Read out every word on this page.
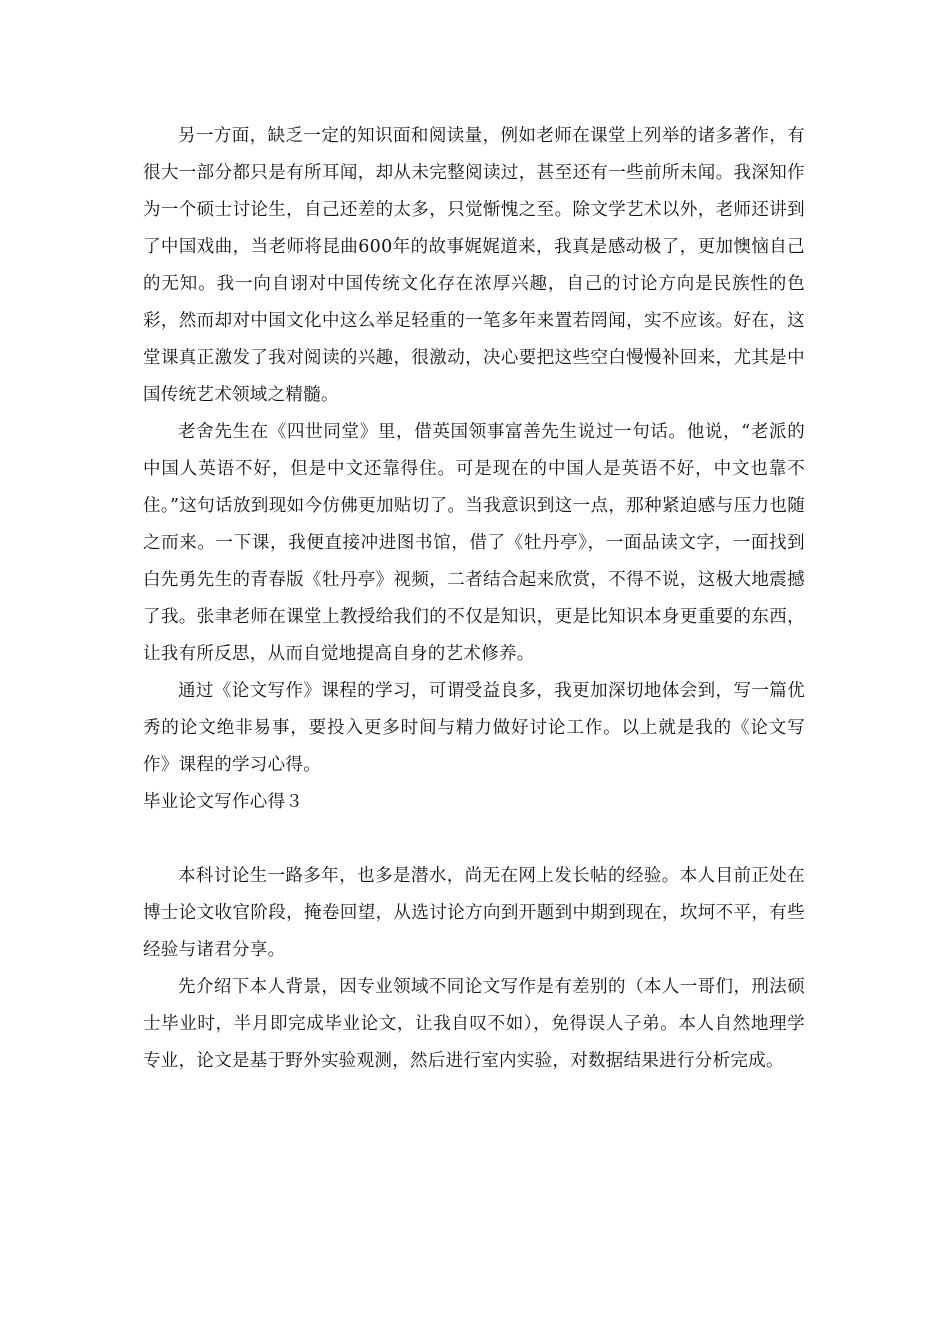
另一方面，缺乏一定的知识面和阅读量，例如老师在课堂上列举的诸多著作，有很大一部分都只是有所耳闻，却从未完整阅读过，甚至还有一些前所未闻。我深知作为一个硕士讨论生，自己还差的太多，只觉惭愧之至。除文学艺术以外，老师还讲到了中国戏曲，当老师将昆曲600年的故事娓娓道来，我真是感动极了，更加懊恼自己的无知。我一向自诩对中国传统文化存在浓厚兴趣，自己的讨论方向是民族性的色彩，然而却对中国文化中这么举足轻重的一笔多年来置若罔闻，实不应该。好在，这堂课真正激发了我对阅读的兴趣，很激动，决心要把这些空白慢慢补回来，尤其是中国传统艺术领域之精髓。

老舍先生在《四世同堂》里，借英国领事富善先生说过一句话。他说，“老派的中国人英语不好，但是中文还靠得住。可是现在的中国人是英语不好，中文也靠不住。”这句话放到现如今仿佛更加贴切了。当我意识到这一点，那种紧迫感与压力也随之而来。一下课，我便直接冲进图书馆，借了《牡丹亭》，一面品读文字，一面找到白先勇先生的青春版《牡丹亭》视频，二者结合起来欣赏，不得不说，这极大地震撼了我。张聿老师在课堂上教授给我们的不仅是知识，更是比知识本身更重要的东西，让我有所反思，从而自觉地提高自身的艺术修养。

通过《论文写作》课程的学习，可谓受益良多，我更加深切地体会到，写一篇优秀的论文绝非易事，要投入更多时间与精力做好讨论工作。以上就是我的《论文写作》课程的学习心得。

毕业论文写作心得３

本科讨论生一路多年，也多是潜水，尚无在网上发长帖的经验。本人目前正处在博士论文收官阶段，掩卷回望，从选讨论方向到开题到中期到现在，坎坷不平，有些经验与诸君分享。

先介绍下本人背景，因专业领域不同论文写作是有差别的（本人一哥们，刑法硕士毕业时，半月即完成毕业论文，让我自叹不如），免得误人子弟。本人自然地理学专业，论文是基于野外实验观测，然后进行室内实验，对数据结果进行分析完成。
